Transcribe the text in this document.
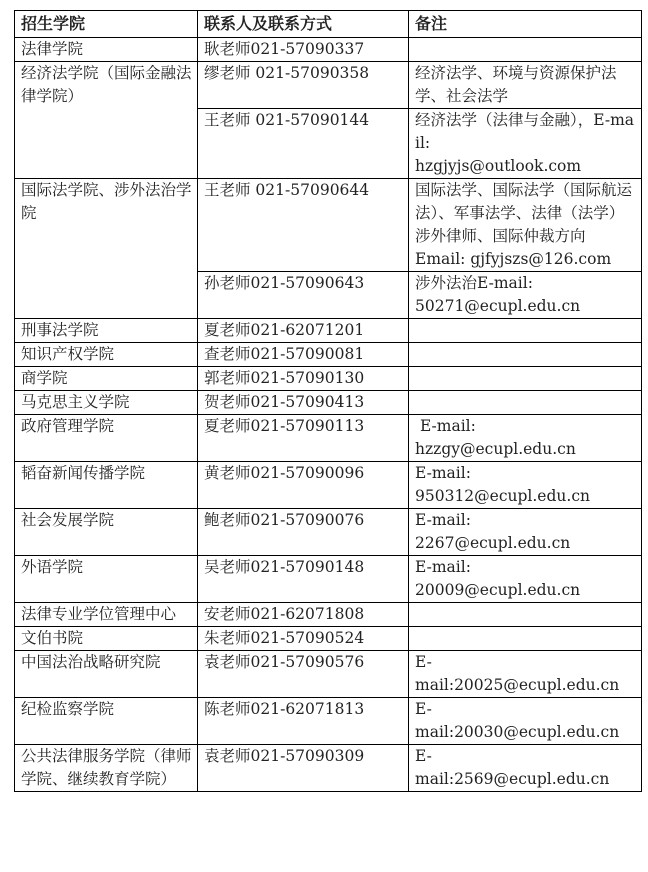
招生学院	联系人及联系方式	备注
法律学院	耿老师021-57090337	

经济法学院（国际金融法律学院）	缪老师 021-57090358	经济法学、环境与资源保护法学、社会法学

	王老师 021-57090144	经济法学（法律与金融），E-mail:
hzgjyjs@outlook.com

国际法学院、涉外法治学院	王老师 021-57090644	国际法学、国际法学（国际航运法）、军事法学、法律（法学）涉外律师、国际仲裁方向
Email: gjfyjszs@126.com

	孙老师021-57090643	涉外法治E-mail:
50271@ecupl.edu.cn

刑事法学院	夏老师021-62071201	

知识产权学院	查老师021-57090081	

商学院	郭老师021-57090130	

马克思主义学院	贺老师021-57090413	

政府管理学院	夏老师021-57090113	E-mail:
hzzgy@ecupl.edu.cn

韬奋新闻传播学院	黄老师021-57090096	E-mail:
950312@ecupl.edu.cn

社会发展学院	鲍老师021-57090076	E-mail:
2267@ecupl.edu.cn

外语学院	吴老师021-57090148	E-mail:
20009@ecupl.edu.cn

法律专业学位管理中心	安老师021-62071808	

文伯书院	朱老师021-57090524	

中国法治战略研究院	袁老师021-57090576	E-
mail:20025@ecupl.edu.cn

纪检监察学院	陈老师021-62071813	E-
mail:20030@ecupl.edu.cn

公共法律服务学院（律师学院、继续教育学院）	袁老师021-57090309	E-
mail:2569@ecupl.edu.cn
